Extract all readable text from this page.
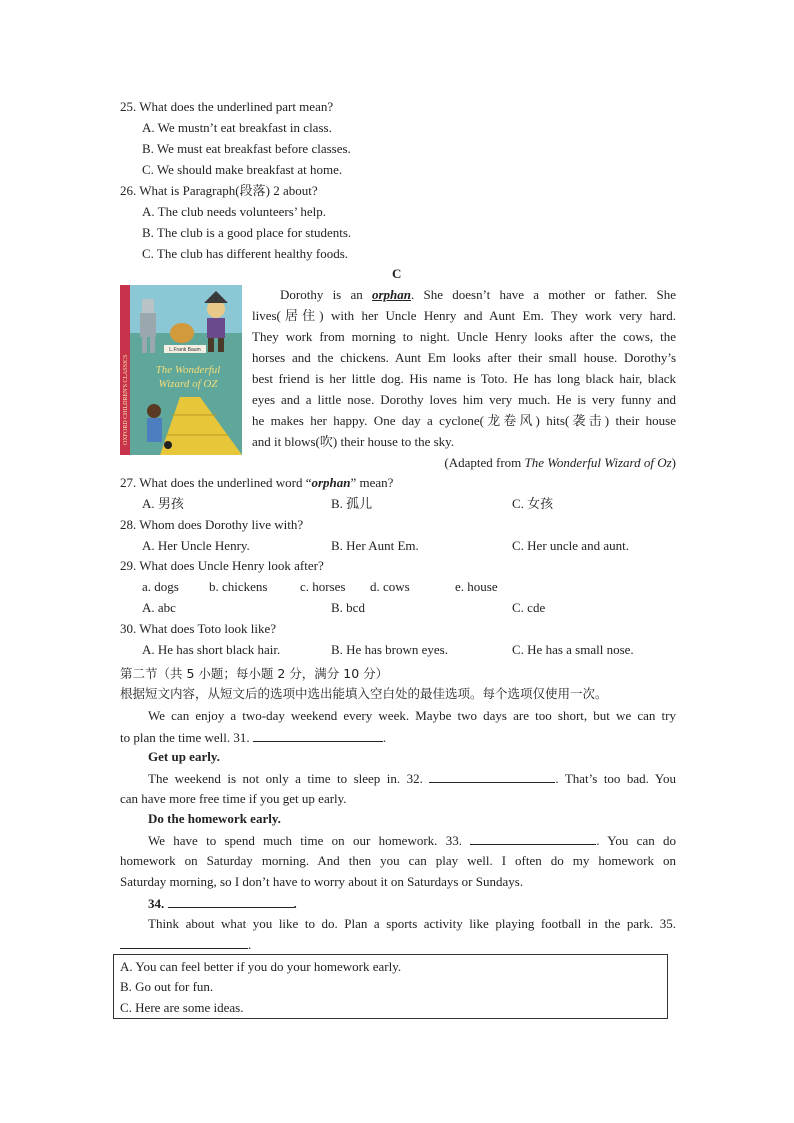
25. What does the underlined part mean?
A. We mustn’t eat breakfast in class.
B. We must eat breakfast before classes.
C. We should make breakfast at home.
26. What is Paragraph(段落) 2 about?
A. The club needs volunteers’ help.
B. The club is a good place for students.
C. The club has different healthy foods.
C
L.Frank Baum
The Wonderful
Wizard of OZ
OXFORD CHILDREN'S CLASSICS
Dorothy is an orphan. She doesn’t have a mother or father. She
lives(居住) with her Uncle Henry and Aunt Em. They work very hard.
They work from morning to night. Uncle Henry looks after the cows, the
horses and the chickens. Aunt Em looks after their small house. Dorothy’s
best friend is her little dog. His name is Toto. He has long black hair, black
eyes and a little nose. Dorothy loves him very much. He is very funny and
he makes her happy. One day a cyclone(龙卷风) hits(袭击) their house
and it blows(吹) their house to the sky.
(Adapted from The Wonderful Wizard of Oz)
27. What does the underlined word “orphan” mean?
A. 男孩	B. 孤儿	C. 女孩
28. Whom does Dorothy live with?
A. Her Uncle Henry.	B. Her Aunt Em.	C. Her uncle and aunt.
29. What does Uncle Henry look after?
a. dogs b. chickens	c. horses d. cows	e. house
A. abc	B. bcd	C. cde
30. What does Toto look like?
A. He has short black hair.	B. He has brown eyes.	C. He has a small nose.
第二节（共 5 小题；每小题 2 分，满分 10 分）
根据短文内容，从短文后的选项中选出能填入空白处的最佳选项。每个选项仅使用一次。
We can enjoy a two-day weekend every week. Maybe two days are too short, but we can try
to plan the time well. 31.	.
Get up early.
The weekend is not only a time to sleep in. 32.	. That’s too bad. You
can have more free time if you get up early.
Do the homework early.
We have to spend much time on our homework. 33.	. You can do
homework on Saturday morning. And then you can play well. I often do my homework on
Saturday morning, so I don’t have to worry about it on Saturdays or Sundays.
34.	.
Think about what you like to do. Plan a sports activity like playing football in the park. 35.
.
A. You can feel better if you do your homework early.
B. Go out for fun.
C. Here are some ideas.
